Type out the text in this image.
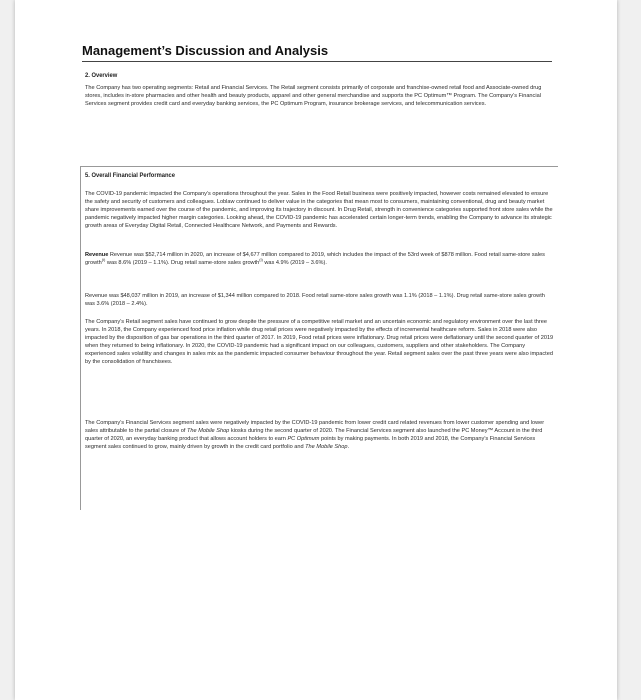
Management’s Discussion and Analysis
2. Overview

The Company has two operating segments: Retail and Financial Services. The Retail segment consists primarily of corporate and franchise-owned retail food and Associate-owned drug stores, includes in-store pharmacies and other health and beauty products, apparel and other general merchandise and supports the PC Optimum™ Program. The Company’s Financial Services segment provides credit card and everyday banking services, the PC Optimum Program, insurance brokerage services, and telecommunication services.

5. Overall Financial Performance

The COVID-19 pandemic impacted the Company’s operations throughout the year. Sales in the Food Retail business were positively impacted, however costs remained elevated to ensure the safety and security of customers and colleagues. Loblaw continued to deliver value in the categories that mean most to consumers, maintaining conventional, drug and beauty market share improvements earned over the course of the pandemic, and improving its trajectory in discount. In Drug Retail, strength in convenience categories supported front store sales while the pandemic negatively impacted higher margin categories. Looking ahead, the COVID-19 pandemic has accelerated certain longer-term trends, enabling the Company to advance its strategic growth areas of Everyday Digital Retail, Connected Healthcare Network, and Payments and Rewards.

Revenue Revenue was $52,714 million in 2020, an increase of $4,677 million compared to 2019, which includes the impact of the 53rd week of $878 million. Food retail same-store sales growth$^{(i)}$ was 8.6% (2019 – 1.1%). Drug retail same-store sales growth$^{(i)}$ was 4.9% (2019 – 3.6%).

Revenue was $48,037 million in 2019, an increase of $1,344 million compared to 2018. Food retail same-store sales growth was 1.1% (2018 – 1.1%). Drug retail same-store sales growth was 3.6% (2018 – 2.4%).

The Company’s Retail segment sales have continued to grow despite the pressure of a competitive retail market and an uncertain economic and regulatory environment over the last three years. In 2018, the Company experienced food price inflation while drug retail prices were negatively impacted by the effects of incremental healthcare reform. Sales in 2018 were also impacted by the disposition of gas bar operations in the third quarter of 2017. In 2019, Food retail prices were inflationary. Drug retail prices were deflationary until the second quarter of 2019 when they returned to being inflationary. In 2020, the COVID-19 pandemic had a significant impact on our colleagues, customers, suppliers and other stakeholders. The Company experienced sales volatility and changes in sales mix as the pandemic impacted consumer behaviour throughout the year. Retail segment sales over the past three years were also impacted by the consolidation of franchisees.

The Company’s Financial Services segment sales were negatively impacted by the COVID-19 pandemic from lower credit card related revenues from lower customer spending and lower sales attributable to the partial closure of The Mobile Shop kiosks during the second quarter of 2020. The Financial Services segment also launched the PC Money™ Account in the third quarter of 2020, an everyday banking product that allows account holders to earn PC Optimum points by making payments. In both 2019 and 2018, the Company’s Financial Services segment sales continued to grow, mainly driven by growth in the credit card portfolio and The Mobile Shop.
